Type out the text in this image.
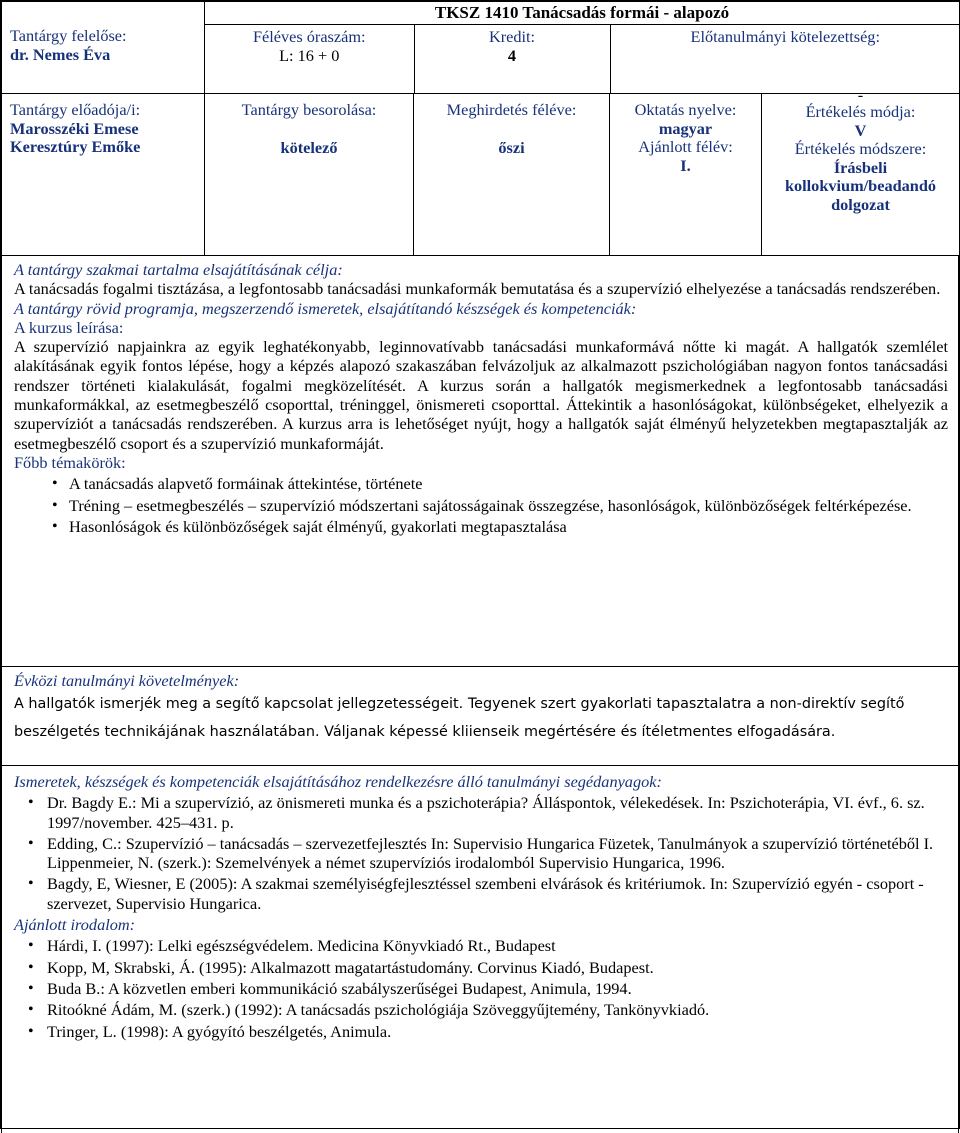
Tantárgy felelőse:
dr. Nemes Éva

TKSZ 1410 Tanácsadás formái - alapozó
Féléves óraszám:
L: 16 + 0

Kredit:
4

Előtanulmányi kötelezettség:

Tantárgy előadója/i:
Marosszéki Emese
Keresztúry Emőke

Tantárgy besorolása:
kötelező

Meghirdetés féléve:
őszi

Oktatás nyelve:
magyar
Ajánlott félév:
I.

-
Értékelés módja:
V
Értékelés módszere:
Írásbeli
kollokvium/beadandó
dolgozat
A tantárgy szakmai tartalma elsajátításának célja:
A tanácsadás fogalmi tisztázása, a legfontosabb tanácsadási munkaformák bemutatása és a szupervízió elhelyezése a tanácsadás rendszerében.
A tantárgy rövid programja, megszerzendő ismeretek, elsajátítandó készségek és kompetenciák:
A kurzus leírása:
A szupervízió napjainkra az egyik leghatékonyabb, leginnovatívabb tanácsadási munkaformává nőtte ki magát. A hallgatók szemlélet alakításának egyik fontos lépése, hogy a képzés alapozó szakaszában felvázoljuk az alkalmazott pszichológiában nagyon fontos tanácsadási rendszer történeti kialakulását, fogalmi megközelítését. A kurzus során a hallgatók megismerkednek a legfontosabb tanácsadási munkaformákkal, az esetmegbeszélő csoporttal, tréninggel, önismereti csoporttal. Áttekintik a hasonlóságokat, különbségeket, elhelyezik a szupervíziót a tanácsadás rendszerében. A kurzus arra is lehetőséget nyújt, hogy a hallgatók saját élményű helyzetekben megtapasztalják az esetmegbeszélő csoport és a szupervízió munkaformáját.
Főbb témakörök:
• A tanácsadás alapvető formáinak áttekintése, története
• Tréning – esetmegbeszélés – szupervízió módszertani sajátosságainak összegzése, hasonlóságok, különbözőségek feltérképezése.
• Hasonlóságok és különbözőségek saját élményű, gyakorlati megtapasztalása
Évközi tanulmányi követelmények:
A hallgatók ismerjék meg a segítő kapcsolat jellegzetességeit. Tegyenek szert gyakorlati tapasztalatra a non-direktív segítő beszélgetés technikájának használatában. Váljanak képessé kliienseik megértésére és ítéletmentes elfogadására.
Ismeretek, készségek és kompetenciák elsajátításához rendelkezésre álló tanulmányi segédanyagok:
• Dr. Bagdy E.: Mi a szupervízió, az önismereti munka és a pszichoterápia? Álláspontok, vélekedések. In: Pszichoterápia, VI. évf., 6. sz. 1997/november. 425–431. p.
• Edding, C.: Szupervízió – tanácsadás – szervezetfejlesztés In: Supervisio Hungarica Füzetek, Tanulmányok a szupervízió történetéből I. Lippenmeier, N. (szerk.): Szemelvények a német szupervíziós irodalomból Supervisio Hungarica, 1996.
• Bagdy, E, Wiesner, E (2005): A szakmai személyiségfejlesztéssel szembeni elvárások és kritériumok. In: Szupervízió egyén - csoport - szervezet, Supervisio Hungarica.
Ajánlott irodalom:
• Hárdi, I. (1997): Lelki egészségvédelem. Medicina Könyvkiadó Rt., Budapest
• Kopp, M, Skrabski, Á. (1995): Alkalmazott magatartástudomány. Corvinus Kiadó, Budapest.
• Buda B.: A közvetlen emberi kommunikáció szabályszerűségei Budapest, Animula, 1994.
• Ritoókné Ádám, M. (szerk.) (1992): A tanácsadás pszichológiája Szöveggyűjtemény, Tankönyvkiadó.
• Tringer, L. (1998): A gyógyító beszélgetés, Animula.
